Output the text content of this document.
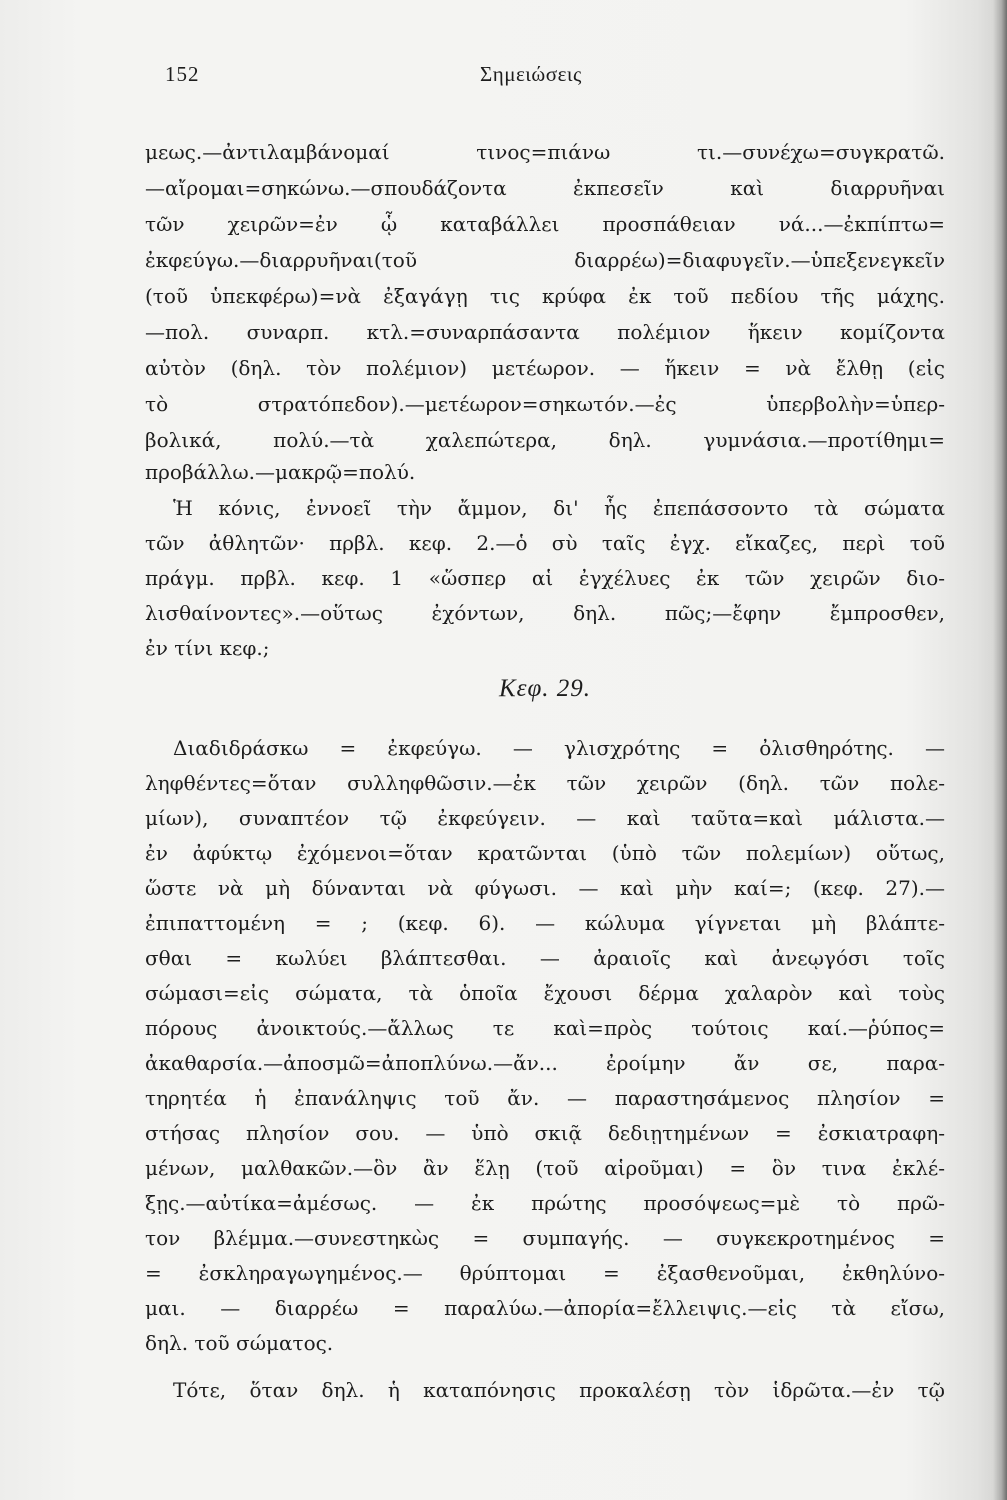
152	Σημειώσεις
μεως.—ἀντιλαμβάνομαί τινος=πιάνω τι.—συνέχω=συγκρατῶ.
—αἴρομαι=σηκώνω.—σπουδάζοντα ἐκπεσεῖν καὶ διαρρυῆναι
τῶν χειρῶν=ἐν ᾧ καταβάλλει προσπάθειαν νά...—ἐκπίπτω=
ἐκφεύγω.—διαρρυῆναι(τοῦ διαρρέω)=διαφυγεῖν.—ὑπεξενεγκεῖν
(τοῦ ὑπεκφέρω)=νὰ ἐξαγάγῃ τις κρύφα ἐκ τοῦ πεδίου τῆς μάχης.
—πολ. συναρπ. κτλ.=συναρπάσαντα πολέμιον ἥκειν κομίζοντα
αὐτὸν (δηλ. τὸν πολέμιον) μετέωρον. — ἥκειν = νὰ ἔλθῃ (εἰς
τὸ στρατόπεδον).—μετέωρον=σηκωτόν.—ἐς ὑπερβολὴν=ὑπερ-
βολικά, πολύ.—τὰ χαλεπώτερα, δηλ. γυμνάσια.—προτίθημι=
προβάλλω.—μακρῷ=πολύ.
Ἡ κόνις, ἐννοεῖ τὴν ἄμμον, δι' ἧς ἐπεπάσσοντο τὰ σώματα
τῶν ἀθλητῶν· πρβλ. κεφ. 2.—ὁ σὺ ταῖς ἐγχ. εἴκαζες, περὶ τοῦ
πράγμ. πρβλ. κεφ. 1 «ὥσπερ αἱ ἐγχέλυες ἐκ τῶν χειρῶν διο-
λισθαίνοντες».—οὕτως ἐχόντων, δηλ. πῶς;—ἔφην ἔμπροσθεν,
ἐν τίνι κεφ.;
Κεφ. 29.
Διαδιδράσκω = ἐκφεύγω. — γλισχρότης = ὀλισθηρότης. —
ληφθέντες=ὅταν συλληφθῶσιν.—ἐκ τῶν χειρῶν (δηλ. τῶν πολε-
μίων), συναπτέον τῷ ἐκφεύγειν. — καὶ ταῦτα=καὶ μάλιστα.—
ἐν ἀφύκτῳ ἐχόμενοι=ὅταν κρατῶνται (ὑπὸ τῶν πολεμίων) οὕτως,
ὥστε νὰ μὴ δύνανται νὰ φύγωσι. — καὶ μὴν καί=; (κεφ. 27).—
ἐπιπαττομένη = ; (κεφ. 6). — κώλυμα γίγνεται μὴ βλάπτε-
σθαι = κωλύει βλάπτεσθαι. — ἀραιοῖς καὶ ἀνεῳγόσι τοῖς
σώμασι=εἰς σώματα, τὰ ὁποῖα ἔχουσι δέρμα χαλαρὸν καὶ τοὺς
πόρους ἀνοικτούς.—ἄλλως τε καὶ=πρὸς τούτοις καί.—ῥύπος=
ἀκαθαρσία.—ἀποσμῶ=ἀποπλύνω.—ἄν... ἐροίμην ἄν σε, παρα-
τηρητέα ἡ ἐπανάληψις τοῦ ἄν. — παραστησάμενος πλησίον =
στήσας πλησίον σου. — ὑπὸ σκιᾷ δεδιῃτημένων = ἐσκιατραφη-
μένων, μαλθακῶν.—ὃν ἂν ἕλῃ (τοῦ αἱροῦμαι) = ὃν τινα ἐκλέ-
ξῃς.—αὐτίκα=ἀμέσως. — ἐκ πρώτης προσόψεως=μὲ τὸ πρῶ-
τον βλέμμα.—συνεστηκὼς = συμπαγής. — συγκεκροτημένος =
= ἐσκληραγωγημένος.— θρύπτομαι = ἐξασθενοῦμαι, ἐκθηλύνο-
μαι. — διαρρέω = παραλύω.—ἀπορία=ἔλλειψις.—εἰς τὰ εἴσω,
δηλ. τοῦ σώματος.
Τότε, ὅταν δηλ. ἡ καταπόνησις προκαλέσῃ τὸν ἱδρῶτα.—ἐν τῷ
